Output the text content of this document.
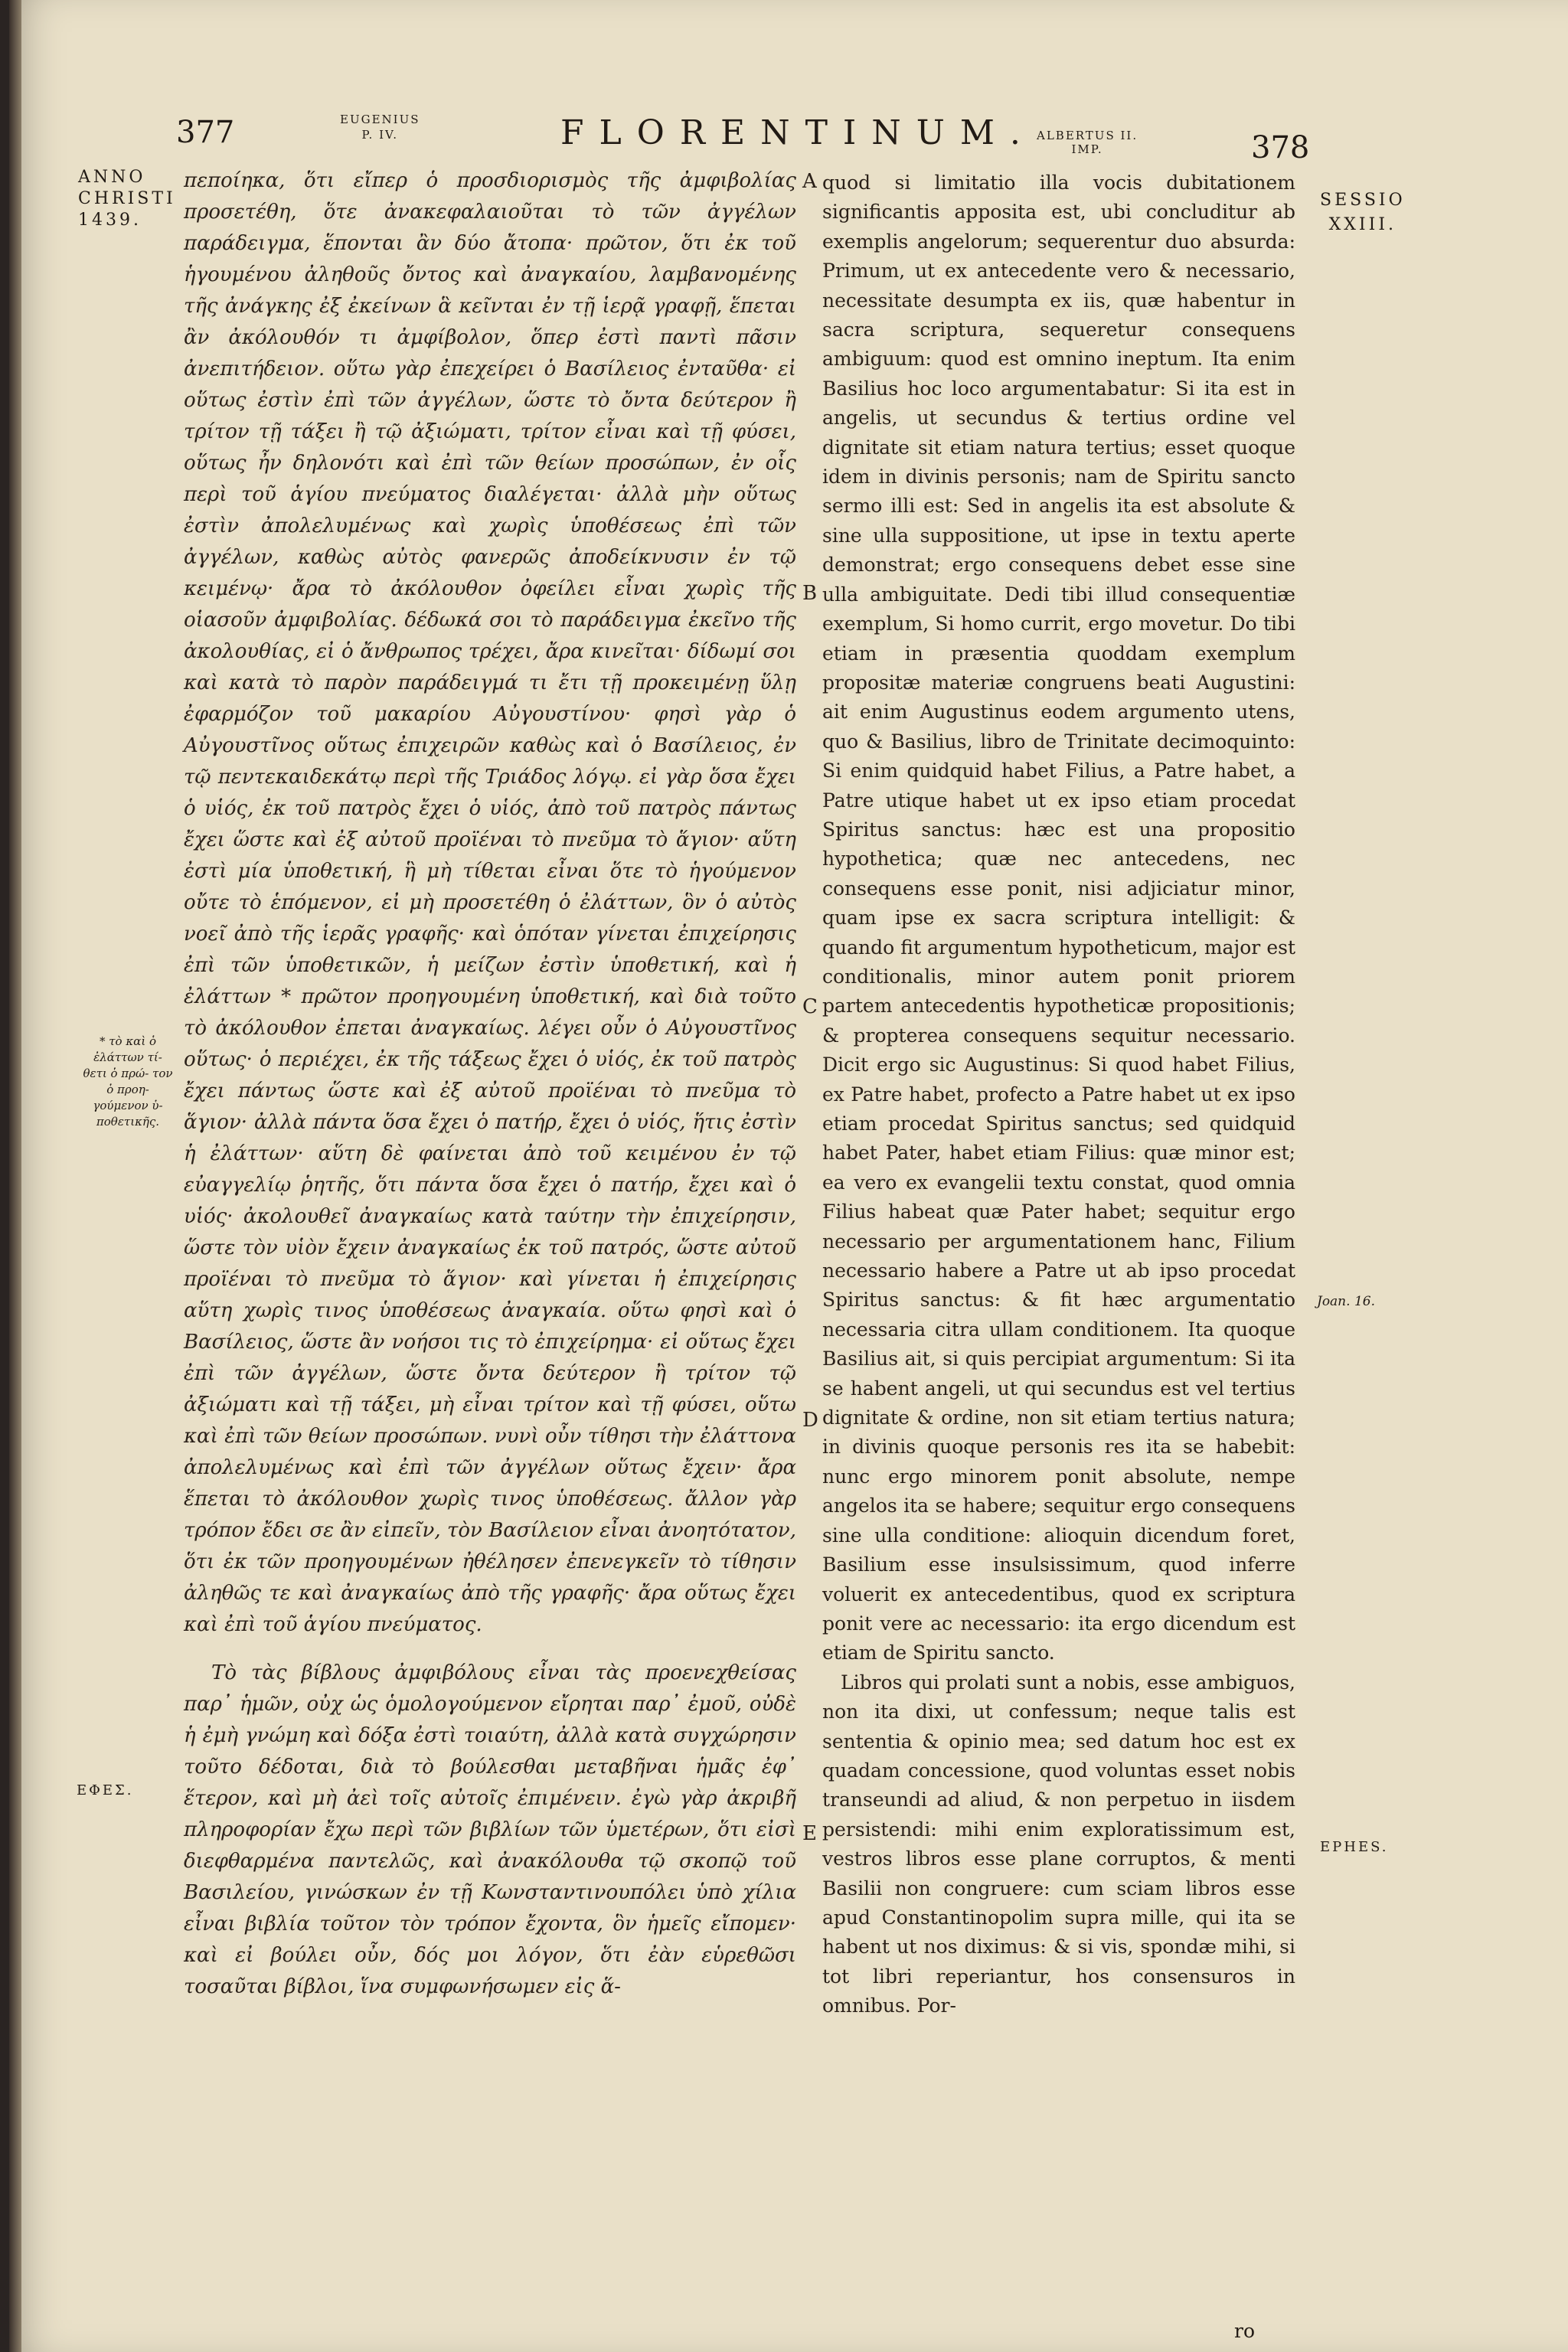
377	EUGENIUS
P. IV.	FLORENTINUM. ALBERTUS II.
IMP.	378
ANNO
CHRISTI
1439.
SESSIO
XXIII.

πεποίηκα, ὅτι εἴπερ ὁ προσδιορισμὸς τῆς ἀμφιβολίας προσετέθη, ὅτε ἀνακεφαλαιοῦται τὸ τῶν ἀγγέλων παράδειγμα, ἕπονται ἂν δύο ἄτοπα· πρῶτον, ὅτι ἐκ τοῦ ἡγουμένου ἀληθοῦς ὄντος καὶ ἀναγκαίου, λαμβανομένης τῆς ἀνάγκης ἐξ ἐκείνων ἃ κεῖνται ἐν τῇ ἱερᾷ γραφῇ, ἕπεται ἂν ἀκόλουθόν τι ἀμφίβολον, ὅπερ ἐστὶ παντὶ πᾶσιν ἀνεπιτήδειον. οὕτω γὰρ ἐπεχείρει ὁ Βασίλειος ἐνταῦθα· εἰ οὕτως ἐστὶν ἐπὶ τῶν ἀγγέλων, ὥστε τὸ ὄντα δεύτερον ἢ τρίτον τῇ τάξει ἢ τῷ ἀξιώματι, τρίτον εἶναι καὶ τῇ φύσει, οὕτως ἦν δηλονότι καὶ ἐπὶ τῶν θείων προσώπων, ἐν οἷς περὶ τοῦ ἁγίου πνεύματος διαλέγεται· ἀλλὰ μὴν οὕτως ἐστὶν ἀπολελυμένως καὶ χωρὶς ὑποθέσεως ἐπὶ τῶν ἀγγέλων, καθὼς αὐτὸς φανερῶς ἀποδείκνυσιν ἐν τῷ κειμένῳ· ἄρα τὸ ἀκόλουθον ὀφείλει εἶναι χωρὶς τῆς οἱασοῦν ἀμφιβολίας. δέδωκά σοι τὸ παράδειγμα ἐκεῖνο τῆς ἀκολουθίας, εἰ ὁ ἄνθρωπος τρέχει, ἄρα κινεῖται· δίδωμί σοι καὶ κατὰ τὸ παρὸν παράδειγμά τι ἔτι τῇ προκειμένῃ ὕλῃ ἐφαρμόζον τοῦ μακαρίου Αὐγουστίνου· φησὶ γὰρ ὁ Αὐγουστῖνος οὕτως ἐπιχειρῶν καθὼς καὶ ὁ Βασίλειος, ἐν τῷ πεντεκαιδεκάτῳ περὶ τῆς Τριάδος λόγῳ. εἰ γὰρ ὅσα ἔχει ὁ υἱός, ἐκ τοῦ πατρὸς ἔχει ὁ υἱός, ἀπὸ τοῦ πατρὸς πάντως ἔχει ὥστε καὶ ἐξ αὐτοῦ προϊέναι τὸ πνεῦμα τὸ ἅγιον· αὕτη ἐστὶ μία ὑποθετική, ἣ μὴ τίθεται εἶναι ὅτε τὸ ἡγούμενον οὔτε τὸ ἑπόμενον, εἰ μὴ προσετέθη ὁ ἐλάττων, ὃν ὁ αὐτὸς νοεῖ ἀπὸ τῆς ἱερᾶς γραφῆς· καὶ ὁπόταν γίνεται ἐπιχείρησις ἐπὶ τῶν ὑποθετικῶν, ἡ μείζων ἐστὶν ὑποθετική, καὶ ἡ ἐλάττων * πρῶτον προηγουμένη ὑποθετική, καὶ διὰ τοῦτο τὸ ἀκόλουθον ἐπεται ἀναγκαίως. λέγει οὖν ὁ Αὐγουστῖνος οὕτως· ὁ περιέχει, ἐκ τῆς τάξεως ἔχει ὁ υἱός, ἐκ τοῦ πατρὸς ἔχει πάντως ὥστε καὶ ἐξ αὐτοῦ προϊέναι τὸ πνεῦμα τὸ ἅγιον· ἀλλὰ πάντα ὅσα ἔχει ὁ πατήρ, ἔχει ὁ υἱός, ἥτις ἐστὶν ἡ ἐλάττων· αὕτη δὲ φαίνεται ἀπὸ τοῦ κειμένου ἐν τῷ εὐαγγελίῳ ῥητῆς, ὅτι πάντα ὅσα ἔχει ὁ πατήρ, ἔχει καὶ ὁ υἱός· ἀκολουθεῖ ἀναγκαίως κατὰ ταύτην τὴν ἐπιχείρησιν, ὥστε τὸν υἱὸν ἔχειν ἀναγκαίως ἐκ τοῦ πατρός, ὥστε αὐτοῦ προϊέναι τὸ πνεῦμα τὸ ἅγιον· καὶ γίνεται ἡ ἐπιχείρησις αὕτη χωρὶς τινος ὑποθέσεως ἀναγκαία. οὕτω φησὶ καὶ ὁ Βασίλειος, ὥστε ἂν νοήσοι τις τὸ ἐπιχείρημα· εἰ οὕτως ἔχει ἐπὶ τῶν ἀγγέλων, ὥστε ὄντα δεύτερον ἢ τρίτον τῷ ἀξιώματι καὶ τῇ τάξει, μὴ εἶναι τρίτον καὶ τῇ φύσει, οὕτω καὶ ἐπὶ τῶν θείων προσώπων. νυνὶ οὖν τίθησι τὴν ἐλάττονα ἀπολελυμένως καὶ ἐπὶ τῶν ἀγγέλων οὕτως ἔχειν· ἄρα ἕπεται τὸ ἀκόλουθον χωρὶς τινος ὑποθέσεως. ἄλλον γὰρ τρόπον ἔδει σε ἂν εἰπεῖν, τὸν Βασίλειον εἶναι ἀνοητότατον, ὅτι ἐκ τῶν προηγουμένων ἠθέλησεν ἐπενεγκεῖν τὸ τίθησιν ἀληθῶς τε καὶ ἀναγκαίως ἀπὸ τῆς γραφῆς· ἄρα οὕτως ἔχει καὶ ἐπὶ τοῦ ἁγίου πνεύματος.

Τὸ τὰς βίβλους ἀμφιβόλους εἶναι τὰς προενεχθείσας παρ᾽ ἡμῶν, οὐχ ὡς ὁμολογούμενον εἴρηται παρ᾽ ἐμοῦ, οὐδὲ ἡ ἐμὴ γνώμη καὶ δόξα ἐστὶ τοιαύτη, ἀλλὰ κατὰ συγχώρησιν τοῦτο δέδοται, διὰ τὸ βούλεσθαι μεταβῆναι ἡμᾶς ἐφ᾽ ἕτερον, καὶ μὴ ἀεὶ τοῖς αὐτοῖς ἐπιμένειν. ἐγὼ γὰρ ἀκριβῆ πληροφορίαν ἔχω περὶ τῶν βιβλίων τῶν ὑμετέρων, ὅτι εἰσὶ διεφθαρμένα παντελῶς, καὶ ἀνακόλουθα τῷ σκοπῷ τοῦ Βασιλείου, γινώσκων ἐν τῇ Κωνσταντινουπόλει ὑπὸ χίλια εἶναι βιβλία τοῦτον τὸν τρόπον ἔχοντα, ὃν ἡμεῖς εἴπομεν· καὶ εἰ βούλει οὖν, δός μοι λόγον, ὅτι ἐὰν εὑρεθῶσι τοσαῦται βίβλοι, ἵνα συμφωνήσωμεν εἰς ἅ-

quod si limitatio illa vocis dubitationem significantis apposita est, ubi concluditur ab exemplis angelorum; sequerentur duo absurda: Primum, ut ex antecedente vero & necessario, necessitate desumpta ex iis, quæ habentur in sacra scriptura, sequeretur consequens ambiguum: quod est omnino ineptum. Ita enim Basilius hoc loco argumentabatur: Si ita est in angelis, ut secundus & tertius ordine vel dignitate sit etiam natura tertius; esset quoque idem in divinis personis; nam de Spiritu sancto sermo illi est: Sed in angelis ita est absolute & sine ulla suppositione, ut ipse in textu aperte demonstrat; ergo consequens debet esse sine ulla ambiguitate. Dedi tibi illud consequentiæ exemplum, Si homo currit, ergo movetur. Do tibi etiam in præsentia quoddam exemplum propositæ materiæ congruens beati Augustini: ait enim Augustinus eodem argumento utens, quo & Basilius, libro de Trinitate decimoquinto: Si enim quidquid habet Filius, a Patre habet, a Patre utique habet ut ex ipso etiam procedat Spiritus sanctus: hæc est una propositio hypothetica; quæ nec antecedens, nec consequens esse ponit, nisi adjiciatur minor, quam ipse ex sacra scriptura intelligit: & quando fit argumentum hypotheticum, major est conditionalis, minor autem ponit priorem partem antecedentis hypotheticæ propositionis; & propterea consequens sequitur necessario. Dicit ergo sic Augustinus: Si quod habet Filius, ex Patre habet, profecto a Patre habet ut ex ipso etiam procedat Spiritus sanctus; sed quidquid habet Pater, habet etiam Filius: quæ minor est; ea vero ex evangelii textu constat, quod omnia Filius habeat quæ Pater habet; sequitur ergo necessario per argumentationem hanc, Filium necessario habere a Patre ut ab ipso procedat Spiritus sanctus: & fit hæc argumentatio necessaria citra ullam conditionem. Ita quoque Basilius ait, si quis percipiat argumentum: Si ita se habent angeli, ut qui secundus est vel tertius dignitate & ordine, non sit etiam tertius natura; in divinis quoque personis res ita se habebit: nunc ergo minorem ponit absolute, nempe angelos ita se habere; sequitur ergo consequens sine ulla conditione: alioquin dicendum foret, Basilium esse insulsissimum, quod inferre voluerit ex antecedentibus, quod ex scriptura ponit vere ac necessario: ita ergo dicendum est etiam de Spiritu sancto.

Libros qui prolati sunt a nobis, esse ambiguos, non ita dixi, ut confessum; neque talis est sententia & opinio mea; sed datum hoc est ex quadam concessione, quod voluntas esset nobis transeundi ad aliud, & non perpetuo in iisdem persistendi: mihi enim exploratissimum est, vestros libros esse plane corruptos, & menti Basilii non congruere: cum sciam libros esse apud Constantinopolim supra mille, qui ita se habent ut nos diximus: & si vis, spondæ mihi, si tot libri reperiantur, hos consensuros in omnibus. Por-

ro
A
B
C
D
E
* τὸ καὶ ὁ ἐλάττων τί- θετι ὁ πρώ- τον ὁ προη- γούμενον ὑ- ποθετικῆς.
ΕΦΕΣ.
EPHES.
Joan. 16.
